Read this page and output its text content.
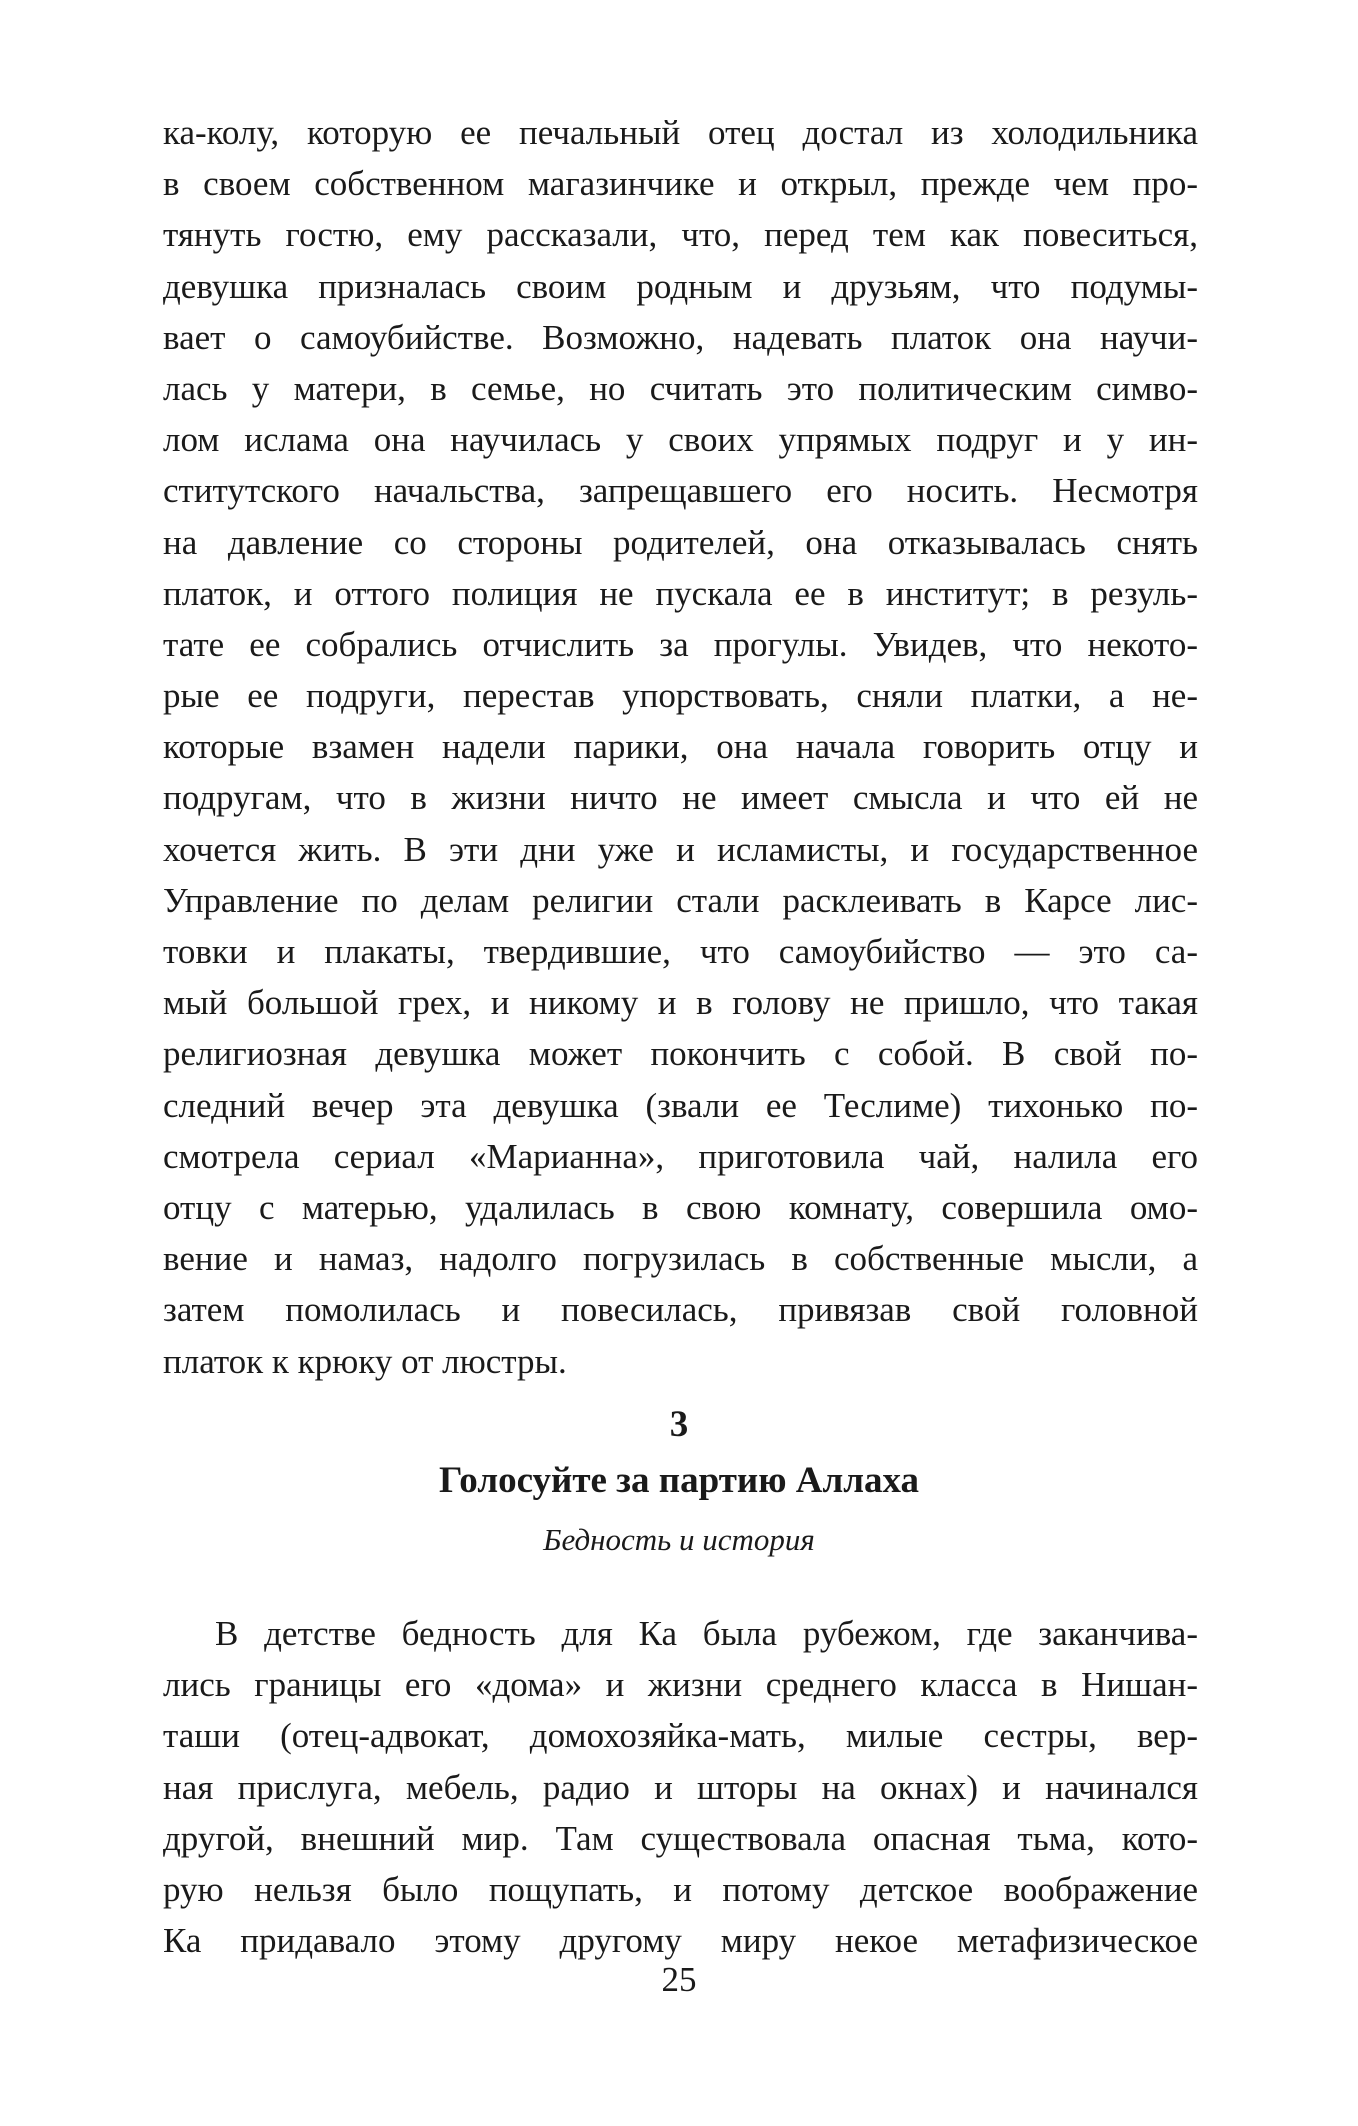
ка-колу, которую ее печальный отец достал из холодильника
в своем собственном магазинчике и открыл, прежде чем про-
тянуть гостю, ему рассказали, что, перед тем как повеситься,
девушка призналась своим родным и друзьям, что подумы-
вает о самоубийстве. Возможно, надевать платок она научи-
лась у матери, в семье, но считать это политическим симво-
лом ислама она научилась у своих упрямых подруг и у ин-
ститутского начальства, запрещавшего его носить. Несмотря
на давление со стороны родителей, она отказывалась снять
платок, и оттого полиция не пускала ее в институт; в резуль-
тате ее собрались отчислить за прогулы. Увидев, что некото-
рые ее подруги, перестав упорствовать, сняли платки, а не-
которые взамен надели парики, она начала говорить отцу и
подругам, что в жизни ничто не имеет смысла и что ей не
хочется жить. В эти дни уже и исламисты, и государственное
Управление по делам религии стали расклеивать в Карсе лис-
товки и плакаты, твердившие, что самоубийство — это са-
мый большой грех, и никому и в голову не пришло, что такая
религиозная девушка может покончить с собой. В свой по-
следний вечер эта девушка (звали ее Теслиме) тихонько по-
смотрела сериал «Марианна», приготовила чай, налила его
отцу с матерью, удалилась в свою комнату, совершила омо-
вение и намаз, надолго погрузилась в собственные мысли, а
затем помолилась и повесилась, привязав свой головной
платок к крюку от люстры.
3
Голосуйте за партию Аллаха
Бедность и история
В детстве бедность для Ка была рубежом, где заканчива-
лись границы его «дома» и жизни среднего класса в Нишан-
таши (отец-адвокат, домохозяйка-мать, милые сестры, вер-
ная прислуга, мебель, радио и шторы на окнах) и начинался
другой, внешний мир. Там существовала опасная тьма, кото-
рую нельзя было пощупать, и потому детское воображение
Ка придавало этому другому миру некое метафизическое
25
